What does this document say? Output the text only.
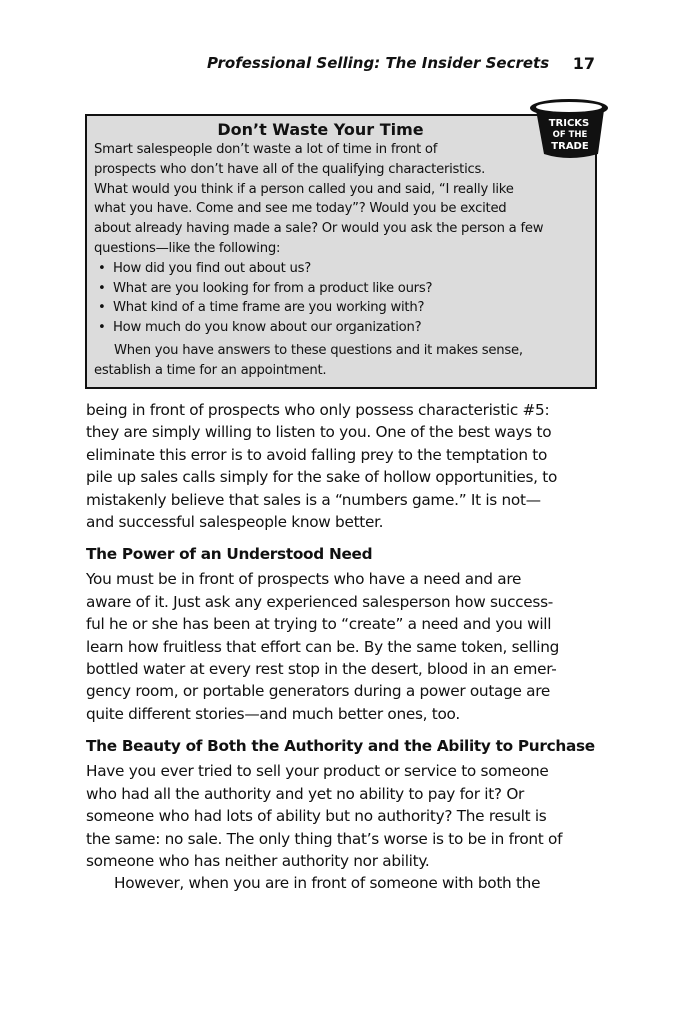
Professional Selling: The Insider Secrets 17
Don’t Waste Your Time

Smart salespeople don’t waste a lot of time in front of
prospects who don’t have all of the qualifying characteristics.
What would you think if a person called you and said, “I really like
what you have. Come and see me today”? Would you be excited
about already having made a sale? Or would you ask the person a few
questions—like the following:

• How did you find out about us?
• What are you looking for from a product like ours?
• What kind of a time frame are you working with?
• How much do you know about our organization?

When you have answers to these questions and it makes sense,
establish a time for an appointment.

TRICKS
OF THE
TRADE

being in front of prospects who only possess characteristic #5:
they are simply willing to listen to you. One of the best ways to
eliminate this error is to avoid falling prey to the temptation to
pile up sales calls simply for the sake of hollow opportunities, to
mistakenly believe that sales is a “numbers game.” It is not—
and successful salespeople know better.

The Power of an Understood Need

You must be in front of prospects who have a need and are
aware of it. Just ask any experienced salesperson how success-
ful he or she has been at trying to “create” a need and you will
learn how fruitless that effort can be. By the same token, selling
bottled water at every rest stop in the desert, blood in an emer-
gency room, or portable generators during a power outage are
quite different stories—and much better ones, too.

The Beauty of Both the Authority and the Ability to Purchase

Have you ever tried to sell your product or service to someone
who had all the authority and yet no ability to pay for it? Or
someone who had lots of ability but no authority? The result is
the same: no sale. The only thing that’s worse is to be in front of
someone who has neither authority nor ability.

However, when you are in front of someone with both the
